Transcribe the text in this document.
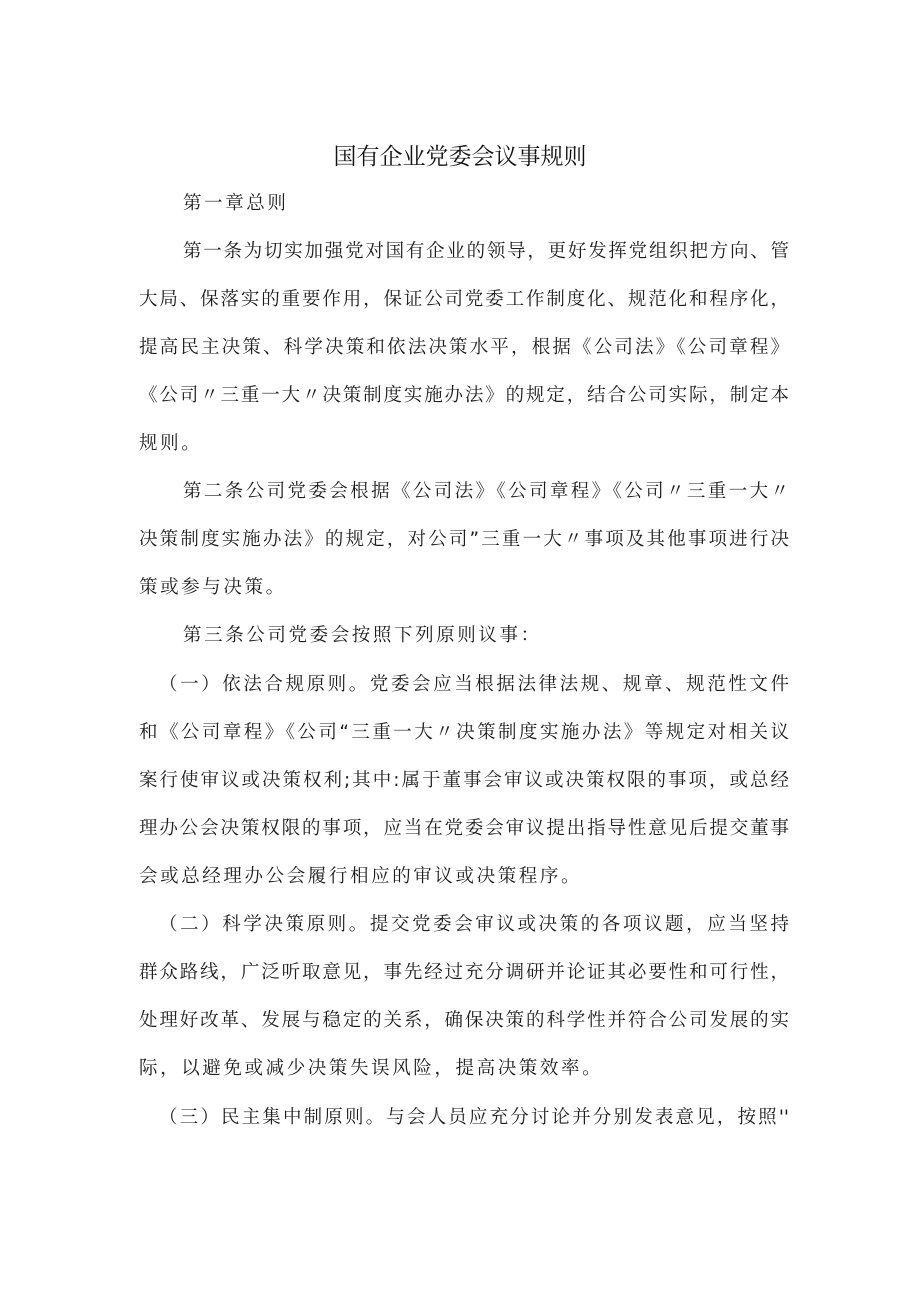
国有企业党委会议事规则
第一章总则
第一条为切实加强党对国有企业的领导，更好发挥党组织把方向、管
大局、保落实的重要作用，保证公司党委工作制度化、规范化和程序化，
提高民主决策、科学决策和依法决策水平，根据《公司法》《公司章程》
《公司〃三重一大〃决策制度实施办法》的规定，结合公司实际，制定本
规则。
第二条公司党委会根据《公司法》《公司章程》《公司〃三重一大〃
决策制度实施办法》的规定，对公司”三重一大〃事项及其他事项进行决
策或参与决策。
第三条公司党委会按照下列原则议事：
（一）依法合规原则。党委会应当根据法律法规、规章、规范性文件
和《公司章程》《公司“三重一大〃决策制度实施办法》等规定对相关议
案行使审议或决策权利;其中:属于董事会审议或决策权限的事项，或总经
理办公会决策权限的事项，应当在党委会审议提出指导性意见后提交董事
会或总经理办公会履行相应的审议或决策程序。
（二）科学决策原则。提交党委会审议或决策的各项议题，应当坚持
群众路线，广泛听取意见，事先经过充分调研并论证其必要性和可行性，
处理好改革、发展与稳定的关系，确保决策的科学性并符合公司发展的实
际，以避免或减少决策失误风险，提高决策效率。
（三）民主集中制原则。与会人员应充分讨论并分别发表意见，按照''
